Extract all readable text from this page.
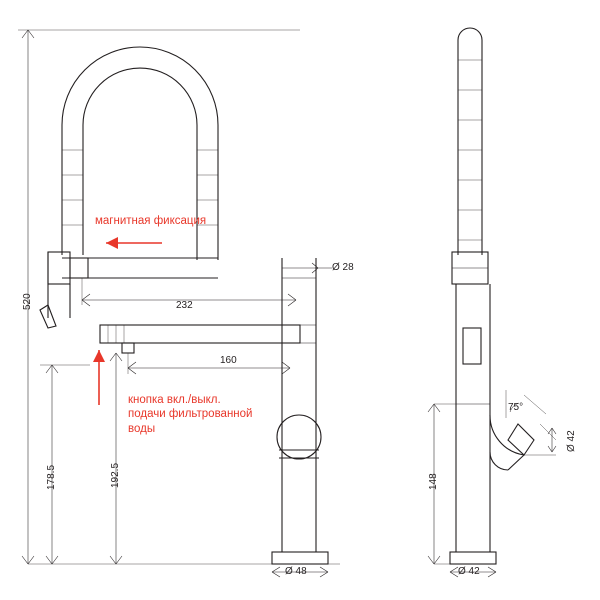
520
178.5	192.5
232
160
Ø 28
Ø 48
148
Ø 42
Ø 42
75°
магнитная фиксация
кнопка вкл./выкл. подачи фильтрованной воды
